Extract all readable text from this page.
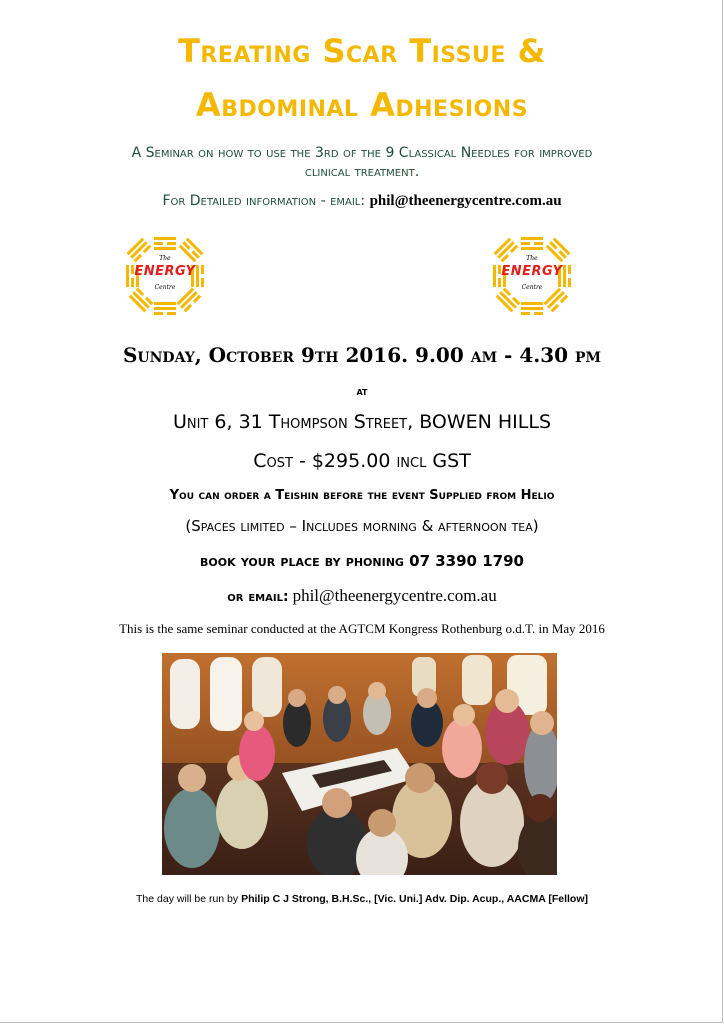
Treating Scar Tissue &
Abdominal Adhesions
A Seminar on how to use the 3rd of the 9 Classical Needles for improved
clinical treatment.
For Detailed information - email: phil@theenergycentre.com.au
The
ENERGY
Centre
The
ENERGY
Centre
Sunday, October 9th 2016. 9.00 am - 4.30 pm
at
Unit 6, 31 Thompson Street, BOWEN HILLS
Cost - $295.00 incl GST
You can order a Teishin before the event Supplied from Helio
(Spaces limited – Includes morning & afternoon tea)
book your place by phoning 07 3390 1790
or email: phil@theenergycentre.com.au
This is the same seminar conducted at the AGTCM Kongress Rothenburg o.d.T. in May 2016
The day will be run by Philip C J Strong, B.H.Sc., [Vic. Uni.] Adv. Dip. Acup., AACMA [Fellow]
